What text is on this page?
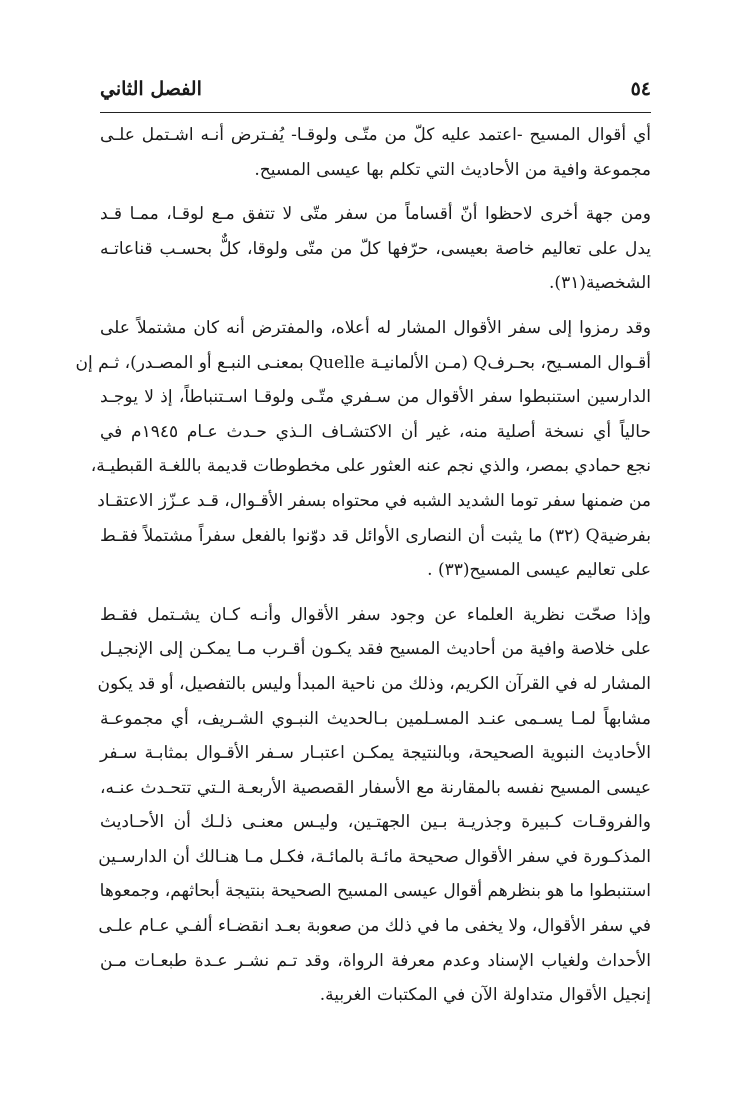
٥٤
الفصل الثاني
أي أقوال المسيح -اعتمد عليه كلّ من متّـى ولوقـا- يُفـترض أنـه اشـتمل علـى
مجموعة وافية من الأحاديث التي تكلم بها عيسى المسيح.
ومن جهة أخرى لاحظوا أنّ أقساماً من سفر متّى لا تتفق مـع لوقـا، ممـا قـد
يدل على تعاليم خاصة بعيسى، حرّفها كلّ من متّى ولوقا، كلٌّ بحسـب قناعاتـه
الشخصية(٣١).
وقد رمزوا إلى سفر الأقوال المشار له أعلاه، والمفترض أنه كان مشتملاً على
أقـوال المسـيح، بحـرفQ (مـن الألمانيـة Quelle بمعنـى النبـع أو المصـدر)، ثـم إن
الدارسين استنبطوا سفر الأقوال من سـفري متّـى ولوقـا اسـتنباطاً، إذ لا يوجـد
حالياً أي نسخة أصلية منه، غير أن الاكتشـاف الـذي حـدث عـام ١٩٤٥م في
نجع حمادي بمصر، والذي نجم عنه العثور على مخطوطات قديمة باللغـة القبطيـة،
من ضمنها سفر توما الشديد الشبه في محتواه بسفر الأقـوال، قـد عـزّز الاعتقـاد
بفرضيةQ (٣٢) ما يثبت أن النصارى الأوائل قد دوّنوا بالفعل سفراً مشتملاً فقـط
على تعاليم عيسى المسيح(٣٣) .
وإذا صحّت نظرية العلماء عن وجود سفر الأقوال وأنـه كـان يشـتمل فقـط
على خلاصة وافية من أحاديث المسيح فقد يكـون أقـرب مـا يمكـن إلى الإنجيـل
المشار له في القرآن الكريم، وذلك من ناحية المبدأ وليس بالتفصيل، أو قد يكون
مشابهاً لمـا يسـمى عنـد المسـلمين بـالحديث النبـوي الشـريف، أي مجموعـة
الأحاديث النبوية الصحيحة، وبالنتيجة يمكـن اعتبـار سـفر الأقـوال بمثابـة سـفر
عيسى المسيح نفسه بالمقارنة مع الأسفار القصصية الأربعـة الـتي تتحـدث عنـه،
والفروقـات كـبيرة وجذريـة بـين الجهتـين، وليـس معنـى ذلـك أن الأحـاديث
المذكـورة في سفر الأقوال صحيحة مائـة بالمائـة، فكـل مـا هنـالك أن الدارسـين
استنبطوا ما هو بنظرهم أقوال عيسى المسيح الصحيحة بنتيجة أبحاثهم، وجمعوها
في سفر الأقوال، ولا يخفى ما في ذلك من صعوبة بعـد انقضـاء ألفـي عـام علـى
الأحداث ولغياب الإسناد وعدم معرفة الرواة، وقد تـم نشـر عـدة طبعـات مـن
إنجيل الأقوال متداولة الآن في المكتبات الغربية.
